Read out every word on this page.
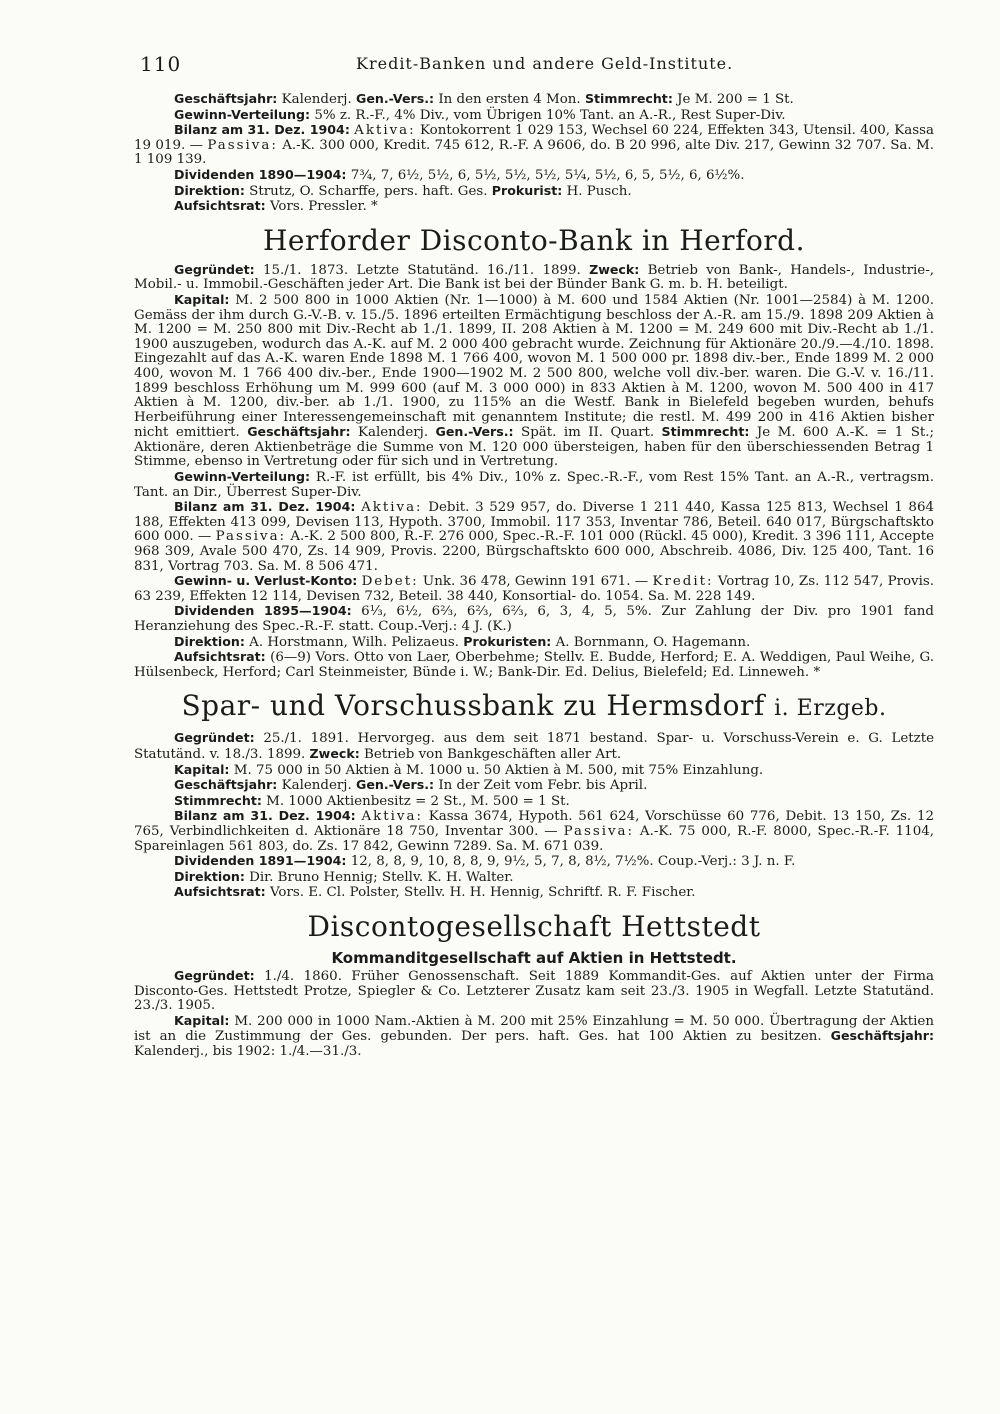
110	Kredit-Banken und andere Geld-Institute.

Geschäftsjahr: Kalenderj. Gen.-Vers.: In den ersten 4 Mon. Stimmrecht: Je M. 200 = 1 St.

Gewinn-Verteilung: 5% z. R.-F., 4% Div., vom Übrigen 10% Tant. an A.-R., Rest Super-Div.

Bilanz am 31. Dez. 1904: Aktiva: Kontokorrent 1 029 153, Wechsel 60 224, Effekten 343, Utensil. 400, Kassa 19 019. — Passiva: A.-K. 300 000, Kredit. 745 612, R.-F. A 9606, do. B 20 996, alte Div. 217, Gewinn 32 707. Sa. M. 1 109 139.

Dividenden 1890—1904: 7¾, 7, 6½, 5½, 6, 5½, 5½, 5½, 5¼, 5½, 6, 5, 5½, 6, 6½%.

Direktion: Strutz, O. Scharffe, pers. haft. Ges. Prokurist: H. Pusch.

Aufsichtsrat: Vors. Pressler. *

Herforder Disconto-Bank in Herford.

Gegründet: 15./1. 1873. Letzte Statutänd. 16./11. 1899. Zweck: Betrieb von Bank-, Handels-, Industrie-, Mobil.- u. Immobil.-Geschäften jeder Art. Die Bank ist bei der Bünder Bank G. m. b. H. beteiligt.

Kapital: M. 2 500 800 in 1000 Aktien (Nr. 1—1000) à M. 600 und 1584 Aktien (Nr. 1001—2584) à M. 1200. Gemäss der ihm durch G.-V.-B. v. 15./5. 1896 erteilten Ermächtigung beschloss der A.-R. am 15./9. 1898 209 Aktien à M. 1200 = M. 250 800 mit Div.-Recht ab 1./1. 1899, II. 208 Aktien à M. 1200 = M. 249 600 mit Div.-Recht ab 1./1. 1900 auszugeben, wodurch das A.-K. auf M. 2 000 400 gebracht wurde. Zeichnung für Aktionäre 20./9.—4./10. 1898. Eingezahlt auf das A.-K. waren Ende 1898 M. 1 766 400, wovon M. 1 500 000 pr. 1898 div.-ber., Ende 1899 M. 2 000 400, wovon M. 1 766 400 div.-ber., Ende 1900—1902 M. 2 500 800, welche voll div.-ber. waren. Die G.-V. v. 16./11. 1899 beschloss Erhöhung um M. 999 600 (auf M. 3 000 000) in 833 Aktien à M. 1200, wovon M. 500 400 in 417 Aktien à M. 1200, div.-ber. ab 1./1. 1900, zu 115% an die Westf. Bank in Bielefeld begeben wurden, behufs Herbeiführung einer Interessengemeinschaft mit genanntem Institute; die restl. M. 499 200 in 416 Aktien bisher nicht emittiert. Geschäftsjahr: Kalenderj. Gen.-Vers.: Spät. im II. Quart. Stimmrecht: Je M. 600 A.-K. = 1 St.; Aktionäre, deren Aktienbeträge die Summe von M. 120 000 übersteigen, haben für den überschiessenden Betrag 1 Stimme, ebenso in Vertretung oder für sich und in Vertretung.

Gewinn-Verteilung: R.-F. ist erfüllt, bis 4% Div., 10% z. Spec.-R.-F., vom Rest 15% Tant. an A.-R., vertragsm. Tant. an Dir., Überrest Super-Div.

Bilanz am 31. Dez. 1904: Aktiva: Debit. 3 529 957, do. Diverse 1 211 440, Kassa 125 813, Wechsel 1 864 188, Effekten 413 099, Devisen 113, Hypoth. 3700, Immobil. 117 353, Inventar 786, Beteil. 640 017, Bürgschaftskto 600 000. — Passiva: A.-K. 2 500 800, R.-F. 276 000, Spec.-R.-F. 101 000 (Rückl. 45 000), Kredit. 3 396 111, Accepte 968 309, Avale 500 470, Zs. 14 909, Provis. 2200, Bürgschaftskto 600 000, Abschreib. 4086, Div. 125 400, Tant. 16 831, Vortrag 703. Sa. M. 8 506 471.

Gewinn- u. Verlust-Konto: Debet: Unk. 36 478, Gewinn 191 671. — Kredit: Vortrag 10, Zs. 112 547, Provis. 63 239, Effekten 12 114, Devisen 732, Beteil. 38 440, Konsortial- do. 1054. Sa. M. 228 149.

Dividenden 1895—1904: 6⅓, 6½, 6⅔, 6⅔, 6⅔, 6, 3, 4, 5, 5%. Zur Zahlung der Div. pro 1901 fand Heranziehung des Spec.-R.-F. statt. Coup.-Verj.: 4 J. (K.)

Direktion: A. Horstmann, Wilh. Pelizaeus. Prokuristen: A. Bornmann, O. Hagemann.

Aufsichtsrat: (6—9) Vors. Otto von Laer, Oberbehme; Stellv. E. Budde, Herford; E. A. Weddigen, Paul Weihe, G. Hülsenbeck, Herford; Carl Steinmeister, Bünde i. W.; Bank-Dir. Ed. Delius, Bielefeld; Ed. Linneweh. *

Spar- und Vorschussbank zu Hermsdorf i. Erzgeb.

Gegründet: 25./1. 1891. Hervorgeg. aus dem seit 1871 bestand. Spar- u. Vorschuss-Verein e. G. Letzte Statutänd. v. 18./3. 1899. Zweck: Betrieb von Bankgeschäften aller Art.

Kapital: M. 75 000 in 50 Aktien à M. 1000 u. 50 Aktien à M. 500, mit 75% Einzahlung.

Geschäftsjahr: Kalenderj. Gen.-Vers.: In der Zeit vom Febr. bis April.

Stimmrecht: M. 1000 Aktienbesitz = 2 St., M. 500 = 1 St.

Bilanz am 31. Dez. 1904: Aktiva: Kassa 3674, Hypoth. 561 624, Vorschüsse 60 776, Debit. 13 150, Zs. 12 765, Verbindlichkeiten d. Aktionäre 18 750, Inventar 300. — Passiva: A.-K. 75 000, R.-F. 8000, Spec.-R.-F. 1104, Spareinlagen 561 803, do. Zs. 17 842, Gewinn 7289. Sa. M. 671 039.

Dividenden 1891—1904: 12, 8, 8, 9, 10, 8, 8, 9, 9½, 5, 7, 8, 8½, 7½%. Coup.-Verj.: 3 J. n. F.

Direktion: Dir. Bruno Hennig; Stellv. K. H. Walter.

Aufsichtsrat: Vors. E. Cl. Polster, Stellv. H. H. Hennig, Schriftf. R. F. Fischer.

Discontogesellschaft Hettstedt

Kommanditgesellschaft auf Aktien in Hettstedt.

Gegründet: 1./4. 1860. Früher Genossenschaft. Seit 1889 Kommandit-Ges. auf Aktien unter der Firma Disconto-Ges. Hettstedt Protze, Spiegler & Co. Letzterer Zusatz kam seit 23./3. 1905 in Wegfall. Letzte Statutänd. 23./3. 1905.

Kapital: M. 200 000 in 1000 Nam.-Aktien à M. 200 mit 25% Einzahlung = M. 50 000. Übertragung der Aktien ist an die Zustimmung der Ges. gebunden. Der pers. haft. Ges. hat 100 Aktien zu besitzen. Geschäftsjahr: Kalenderj., bis 1902: 1./4.—31./3.
